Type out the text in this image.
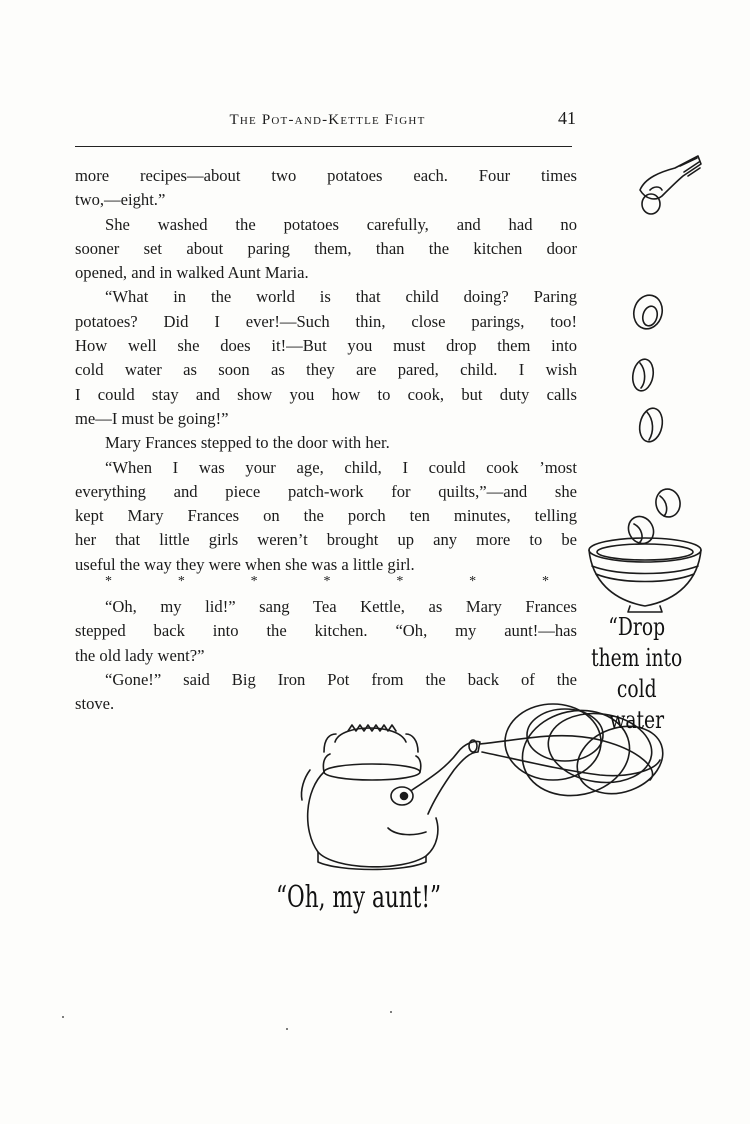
The Pot-and-Kettle Fight	41
more recipes—about two potatoes each. Four times
two,—eight.”
She washed the potatoes carefully, and had no
sooner set about paring them, than the kitchen door
opened, and in walked Aunt Maria.
“What in the world is that child doing? Paring
potatoes? Did I ever!—Such thin, close parings, too!
How well she does it!—But you must drop them into
cold water as soon as they are pared, child. I wish
I could stay and show you how to cook, but duty calls
me—I must be going!”
Mary Frances stepped to the door with her.
“When I was your age, child, I could cook ’most
everything and piece patch-work for quilts,”—and she
kept Mary Frances on the porch ten minutes, telling
her that little girls weren’t brought up any more to be
useful the way they were when she was a little girl.
*	*	*	*	*	*	*
“Oh, my lid!” sang Tea Kettle, as Mary Frances
stepped back into the kitchen. “Oh, my aunt!—has
the old lady went?”
“Gone!” said Big Iron Pot from the back of the
stove.
“Drop
them into
cold
water
“Oh, my aunt!”
